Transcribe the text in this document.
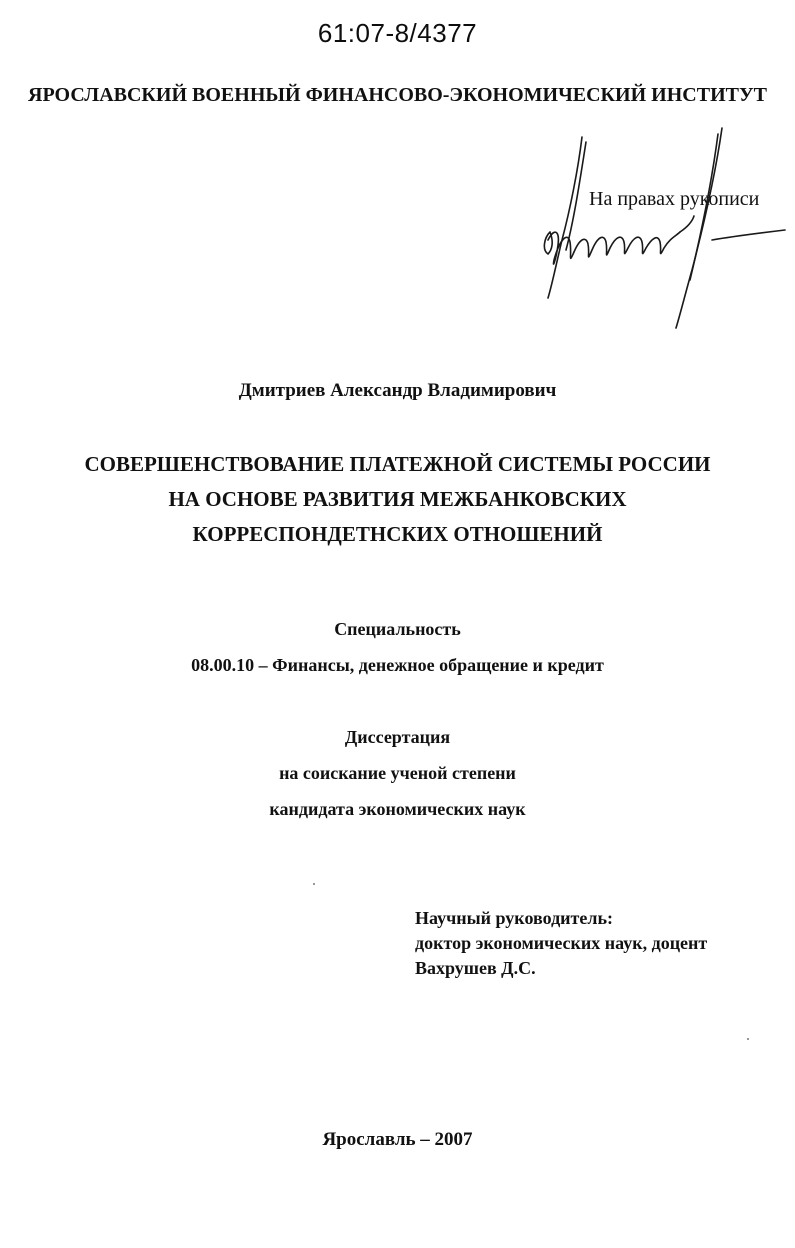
61:07-8/4377
ЯРОСЛАВСКИЙ ВОЕННЫЙ ФИНАНСОВО-ЭКОНОМИЧЕСКИЙ ИНСТИТУТ
На правах рукописи
Дмитриев Александр Владимирович
СОВЕРШЕНСТВОВАНИЕ ПЛАТЕЖНОЙ СИСТЕМЫ РОССИИ
НА ОСНОВЕ РАЗВИТИЯ МЕЖБАНКОВСКИХ
КОРРЕСПОНДЕТНСКИХ ОТНОШЕНИЙ
Специальность
08.00.10 – Финансы, денежное обращение и кредит
Диссертация
на соискание ученой степени
кандидата экономических наук
Научный руководитель:
доктор экономических наук, доцент
Вахрушев Д.С.
Ярославль – 2007
